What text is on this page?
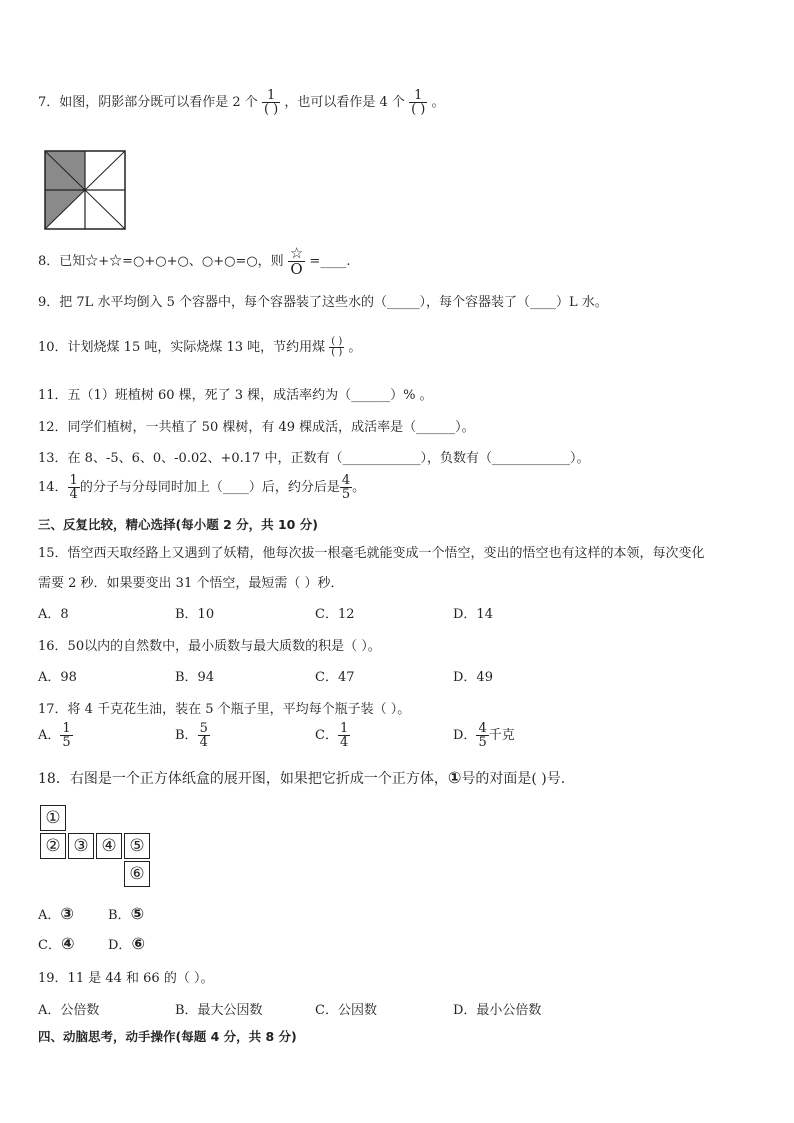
7．如图，阴影部分既可以看作是 2 个 $\frac{1}{( )}$ ，也可以看作是 4 个 $\frac{1}{( )}$ 。
8．已知☆+☆=○+○+○、○+○=○，则 $\frac{☆}{O}$ =____.
9．把 7L 水平均倒入 5 个容器中，每个容器装了这些水的（_____），每个容器装了（____）L 水。
10．计划烧煤 15 吨，实际烧煤 13 吨，节约用煤 $\frac{( )}{( )}$ 。
11．五（1）班植树 60 棵，死了 3 棵，成活率约为（______）% 。
12．同学们植树，一共植了 50 棵树，有 49 棵成活，成活率是（______）。
13．在 8、-5、6、0、-0.02、+0.17 中，正数有（____________），负数有（____________）。
14． $\frac{1}{4}$ 的分子与分母同时加上（____）后，约分后是 $\frac{4}{5}$ 。
三、反复比较，精心选择(每小题 2 分，共 10 分)
15．悟空西天取经路上又遇到了妖精，他每次拔一根毫毛就能变成一个悟空，变出的悟空也有这样的本领，每次变化
需要 2 秒．如果要变出 31 个悟空，最短需（ ）秒．
A．8	B．10	C．12	D．14
16．50以内的自然数中，最小质数与最大质数的积是（ ）。
A．98	B．94	C．47	D．49
17．将 4 千克花生油，装在 5 个瓶子里，平均每个瓶子装（ ）。
A． $\frac{1}{5}$	B． $\frac{5}{4}$	C． $\frac{1}{4}$	D． $\frac{4}{5}$ 千克
18．右图是一个正方体纸盒的展开图，如果把它折成一个正方体，①号的对面是( )号.
①
② ③ ④ ⑤
⑥
A．③	B．⑤
C．④	D．⑥
19．11 是 44 和 66 的（ ）。
A．公倍数	B．最大公因数	C．公因数	D．最小公倍数
四、动脑思考，动手操作(每题 4 分，共 8 分)
